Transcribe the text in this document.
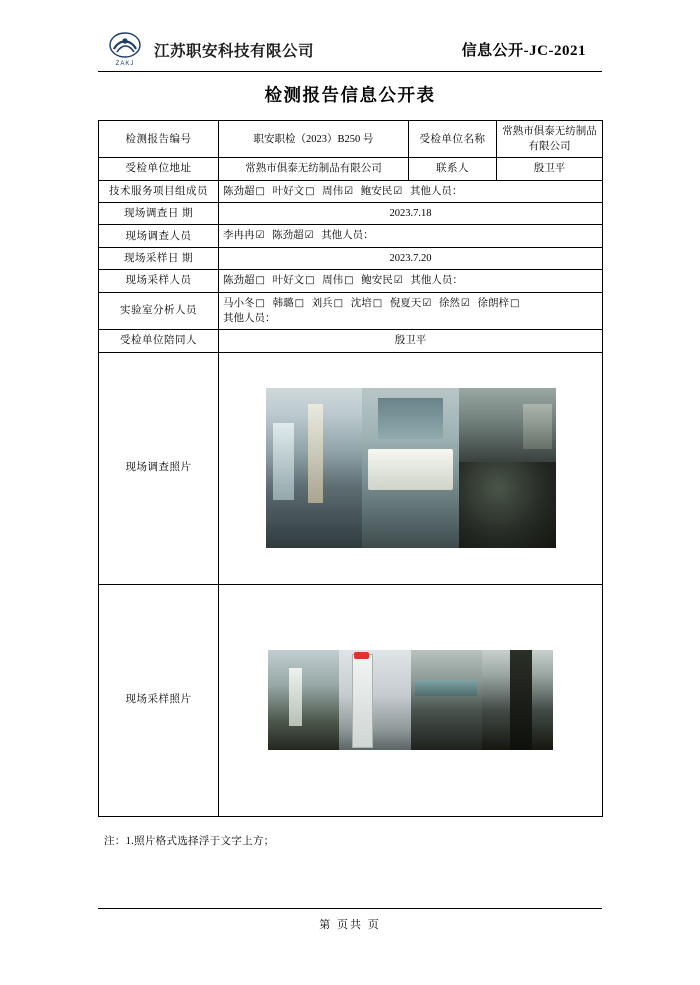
ZAKJ
江苏职安科技有限公司	信息公开-JC-2021
检测报告信息公开表
检测报告编号	职安职检（2023）B250 号	受检单位名称	常熟市俱泰无纺制品有限公司
受检单位地址	常熟市俱泰无纺制品有限公司	联系人	殷卫平
技术服务项目组成员	陈劲超□ 叶好文□ 周伟☑ 鲍安民☑ 其他人员：		
现场调查日 期	2023.7.18		
现场调查人员	李冉冉☑ 陈劲超☑ 其他人员：		
现场采样日 期	2023.7.20		
现场采样人员	陈劲超□ 叶好文□ 周伟□ 鲍安民☑ 其他人员：		
实验室分析人员	马小冬□ 韩璐□ 刘兵□ 沈培□ 倪夏天☑ 徐然☑ 徐朗梓□
其他人员：		

受检单位陪同人	殷卫平		
现场调查照片			

现场采样照片			
注：1.照片格式选择浮于文字上方；
第 页共 页
